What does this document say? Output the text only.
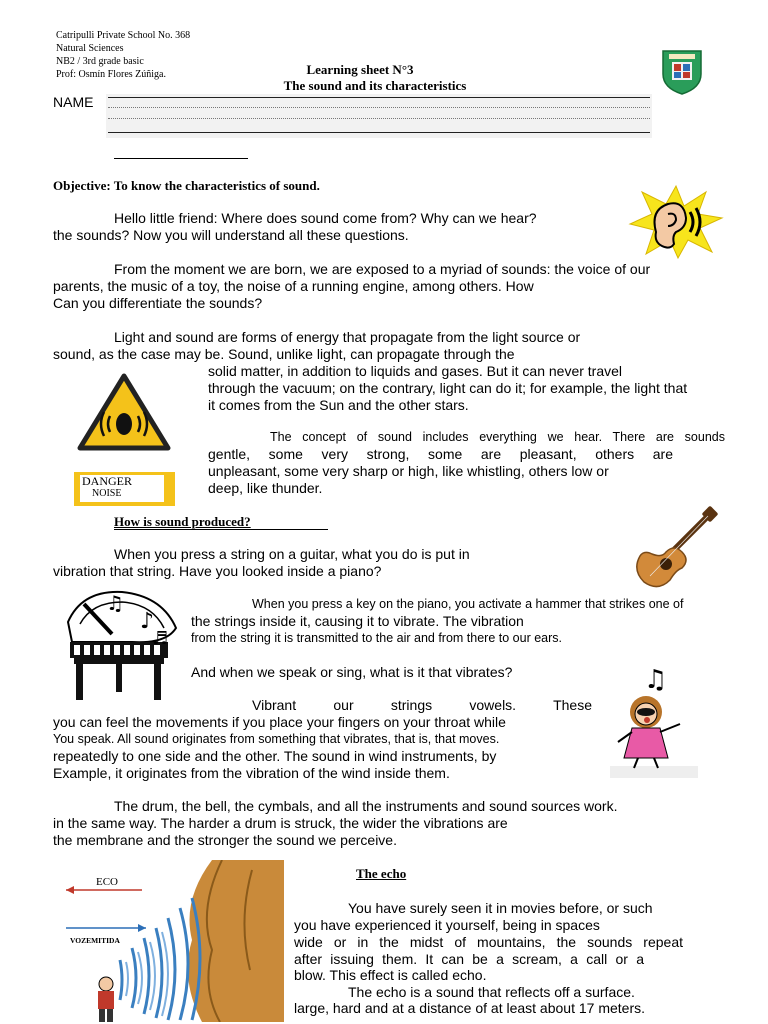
Catripulli Private School No. 368
Natural Sciences
NB2 / 3rd grade basic
Prof: Osmín Flores Zúñiga.	Learning sheet N°3
The sound and its characteristics
NAME
Objective: To know the characteristics of sound.
Hello little friend: Where does sound come from? Why can we hear?
the sounds? Now you will understand all these questions.
From the moment we are born, we are exposed to a myriad of sounds: the voice of our
parents, the music of a toy, the noise of a running engine, among others. How
Can you differentiate the sounds?
Light and sound are forms of energy that propagate from the light source or
sound, as the case may be. Sound, unlike light, can propagate through the
solid matter, in addition to liquids and gases. But it can never travel
through the vacuum; on the contrary, light can do it; for example, the light that
it comes from the Sun and the other stars.
The concept of sound includes everything we hear. There are sounds
gentle, some very strong, some are pleasant, others are
unpleasant, some very sharp or high, like whistling, others low or
deep, like thunder.
DANGER
NOISE
How is sound produced?
When you press a string on a guitar, what you do is put in
vibration that string. Have you looked inside a piano?
♫
♪
♬
When you press a key on the piano, you activate a hammer that strikes one of
the strings inside it, causing it to vibrate. The vibration
from the string it is transmitted to the air and from there to our ears.
And when we speak or sing, what is it that vibrates?	♫
Vibrant our strings vowels. These
you can feel the movements if you place your fingers on your throat while
You speak. All sound originates from something that vibrates, that is, that moves.
repeatedly to one side and the other. The sound in wind instruments, by
Example, it originates from the vibration of the wind inside them.
The drum, the bell, the cymbals, and all the instruments and sound sources work.
in the same way. The harder a drum is struck, the wider the vibrations are
the membrane and the stronger the sound we perceive.
ECO
VOZEMITIDA
The echo
You have surely seen it in movies before, or such
you have experienced it yourself, being in spaces
wide or in the midst of mountains, the sounds repeat
after issuing them. It can be a scream, a call or a
blow. This effect is called echo.
The echo is a sound that reflects off a surface.
large, hard and at a distance of at least about 17 meters.
